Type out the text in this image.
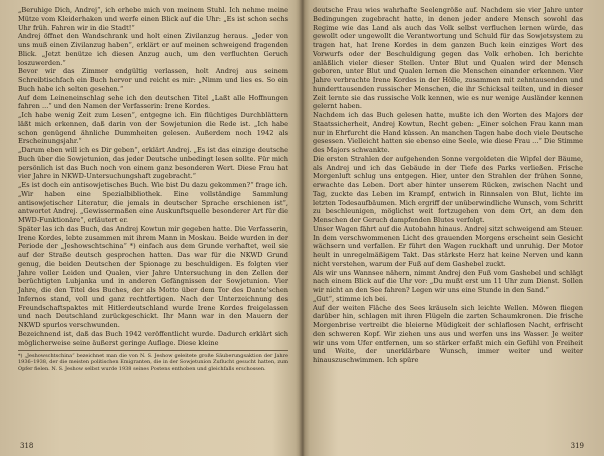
„Beruhige Dich, Andrej“, ich erhebe mich von meinem Stuhl. Ich nehme meine Mütze vom Kleiderhaken und werfe einen Blick auf die Uhr: „Es ist schon sechs Uhr früh. Fahren wir in die Stadt!“

Andrej öffnet den Wandschrank und holt einen Zivilanzug heraus. „Jeder von uns muß einen Zivilanzug haben“, erklärt er auf meinen schweigend fragenden Blick. „Jetzt benütze ich diesen Anzug auch, um den verfluchten Geruch loszuwerden.“

Bevor wir das Zimmer endgültig verlassen, holt Andrej aus seinem Schreibtischfach ein Buch hervor und reicht es mir: „Nimm und lies es. So ein Buch habe ich selten gesehen.“

Auf dem Leineneinschlag sehe ich den deutschen Titel „Laßt alle Hoffnungen fahren ...“ und den Namen der Verfasserin: Irene Kordes.

„Ich habe wenig Zeit zum Lesen“, entgegne ich. Ein flüchtiges Durchblättern läßt mich erkennen, daß darin von der Sowjetunion die Rede ist. „Ich habe schon genügend ähnliche Dummheiten gelesen. Außerdem noch 1942 als Erscheinungsjahr.“

„Darum eben will ich es Dir geben“, erklärt Andrej. „Es ist das einzige deutsche Buch über die Sowjetunion, das jeder Deutsche unbedingt lesen sollte. Für mich persönlich ist das Buch noch von einem ganz besonderen Wert. Diese Frau hat vier Jahre in NKWD-Untersuchungshaft zugebracht.“

„Es ist doch ein antisowjetisches Buch. Wie bist Du dazu gekommen?“ frage ich.

„Wir haben eine Spezialbibliothek. Eine vollständige Sammlung antisowjetischer Literatur, die jemals in deutscher Sprache erschienen ist“, antwortet Andrej. „Gewissermaßen eine Auskunftsquelle besonderer Art für die MWD-Funktionäre“, erläutert er.

Später las ich das Buch, das Andrej Kowtun mir gegeben hatte. Die Verfasserin, Irene Kordes, lebte zusammen mit ihrem Mann in Moskau. Beide wurden in der Periode der „Jeshowschtschina“ *) einfach aus dem Grunde verhaftet, weil sie auf der Straße deutsch gesprochen hatten. Das war für die NKWD Grund genug, die beiden Deutschen der Spionage zu beschuldigen. Es folgten vier Jahre voller Leiden und Qualen, vier Jahre Untersuchung in den Zellen der berüchtigten Lubjanka und in anderen Gefängnissen der Sowjetunion. Vier Jahre, die den Titel des Buches, der als Motto über dem Tor des Dante’schen Infernos stand, voll und ganz rechtfertigen. Nach der Unterzeichnung des Freundschaftspaktes mit Hitlerdeutschland wurde Irene Kordes freigelassen und nach Deutschland zurückgeschickt. Ihr Mann war in den Mauern der NKWD spurlos verschwunden.

Bezeichnend ist, daß das Buch 1942 veröffentlicht wurde. Dadurch erklärt sich möglicherweise seine äußerst geringe Auflage. Diese kleine

*) „Jeshowschtschina“ bezeichnet man die von N. S. Jeshow geleitete große Säuberungsaktion der Jahre 1936–1938, der die meisten politischen Emigranten, die in der Sowjetunion Zuflucht gesucht hatten, zum Opfer fielen. N. S. Jeshow selbst wurde 1938 seines Postens enthoben und gleichfalls erschossen.

318

deutsche Frau wies wahrhafte Seelengröße auf. Nachdem sie vier Jahre unter Bedingungen zugebracht hatte, in denen jeder andere Mensch sowohl das Regime wie das Land als auch das Volk selbst verfluchen lernen würde, das gewollt oder ungewollt die Verantwortung und Schuld für das Sowjetsystem zu tragen hat, hat Irene Kordes in dem ganzen Buch kein einziges Wort des Vorwurfs oder der Beschuldigung gegen das Volk erhoben. Ich berichte anläßlich vieler dieser Stellen. Unter Blut und Qualen wird der Mensch geboren, unter Blut und Qualen lernen die Menschen einander erkennen. Vier Jahre verbrachte Irene Kordes in der Hölle, zusammen mit zehntausenden und hunderttausenden russischer Menschen, die ihr Schicksal teilten, und in dieser Zeit lernte sie das russische Volk kennen, wie es nur wenige Ausländer kennen gelernt haben.

Nachdem ich das Buch gelesen hatte, mußte ich den Worten des Majors der Staatssicherheit, Andrej Kowtun, Recht geben: „Einer solchen Frau kann man nur in Ehrfurcht die Hand küssen. An manchen Tagen habe doch viele Deutsche gesessen. Vielleicht hatten sie ebenso eine Seele, wie diese Frau ...“ Die Stimme des Majors schwankte.

Die ersten Strahlen der aufgehenden Sonne vergoldeten die Wipfel der Bäume, als Andrej und ich das Gebäude in der Tiefe des Parks verließen. Frische Morgenluft schlug uns entgegen. Hier, unter den Strahlen der frühen Sonne, erwachte das Leben. Dort aber hinter unserem Rücken, zwischen Nacht und Tag, zuckte das Leben im Krampf, entwich in Rinnsalen von Blut, lichte im letzten Todesaufbäumen. Mich ergriff der unüberwindliche Wunsch, vom Schritt zu beschleunigen, möglichst weit fortzugehen von dem Ort, an dem den Menschen der Geruch dampfenden Blutes verfolgt.

Unser Wagen fährt auf die Autobahn hinaus. Andrej sitzt schweigend am Steuer. In dem verschwommenen Licht des grauenden Morgens erscheint sein Gesicht wächsern und verfallen. Er führt den Wagen ruckhaft und unruhig. Der Motor heult in unregelmäßigem Takt. Das stärkste Herz hat keine Nerven und kann nicht verstehen, warum der Fuß auf dem Gashebel zuckt.

Als wir uns Wannsee nähern, nimmt Andrej den Fuß vom Gashebel und schlägt nach einem Blick auf die Uhr vor: „Du mußt erst um 11 Uhr zum Dienst. Sollen wir nicht an den See fahren? Legen wir uns eine Stunde in den Sand.“

„Gut“, stimme ich bei.

Auf der weiten Fläche des Sees kräuseln sich leichte Wellen. Möwen fliegen darüber hin, schlagen mit ihren Flügeln die zarten Schaumkronen. Die frische Morgenbrise vertreibt die bleierne Müdigkeit der schlaflosen Nacht, erfrischt den schweren Kopf. Wir ziehen uns aus und werfen uns ins Wasser. Je weiter wir uns vom Ufer entfernen, um so stärker erfaßt mich ein Gefühl von Freiheit und Weite, der unerklärbare Wunsch, immer weiter und weiter hinauszuschwimmen. Ich spüre

319
